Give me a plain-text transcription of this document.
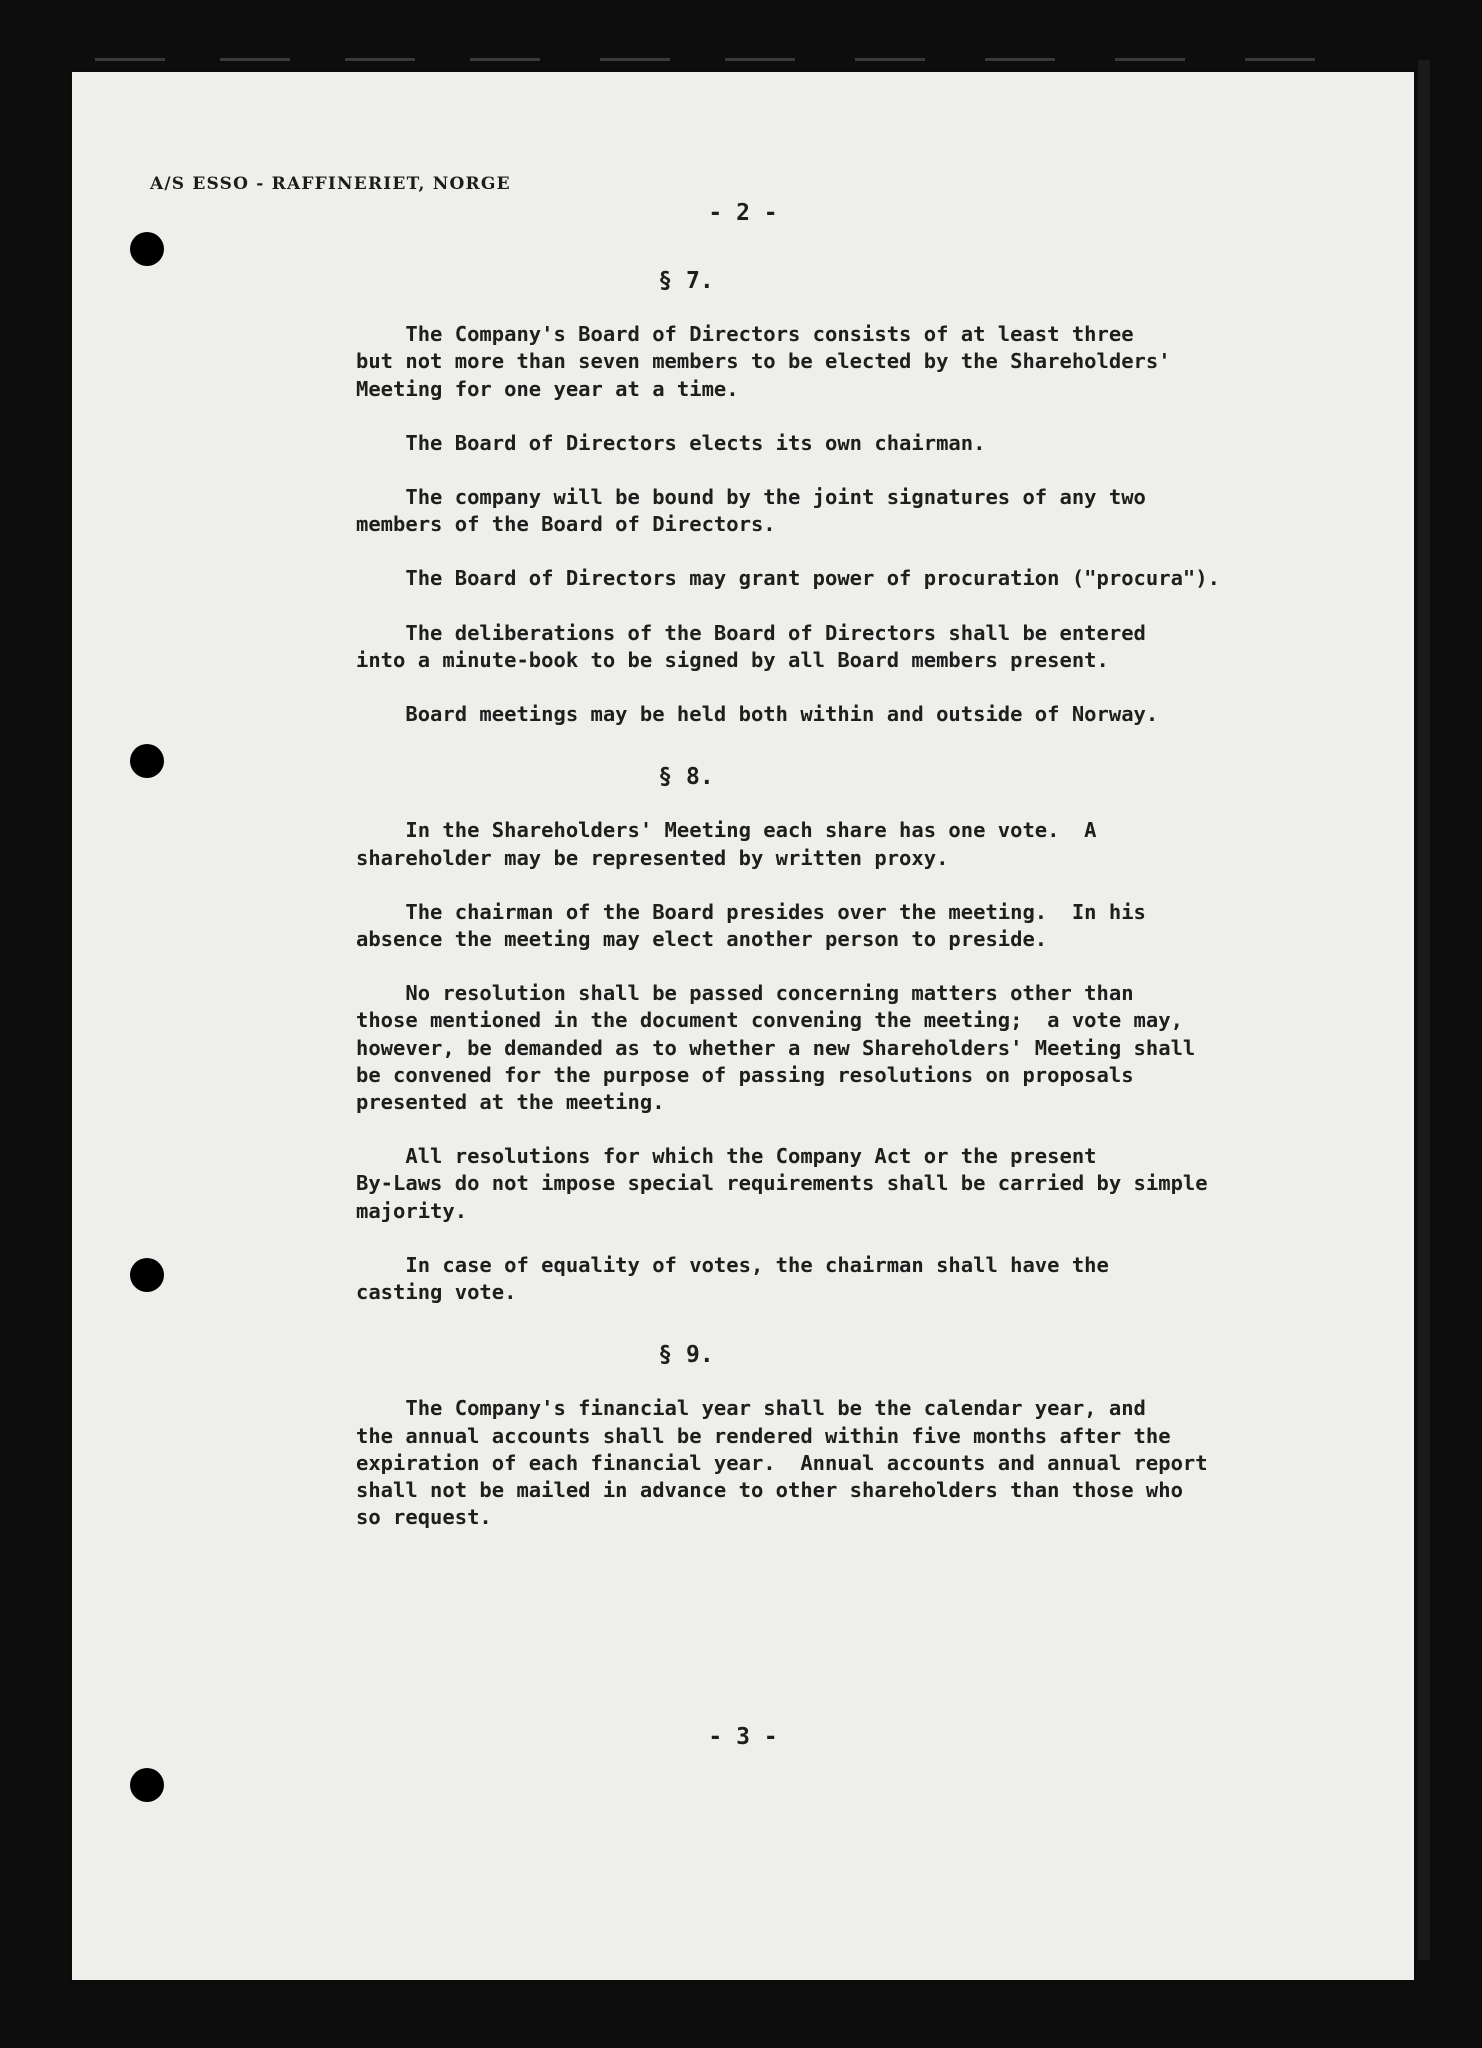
A/S ESSO - RAFFINERIET, NORGE
- 2 -
§ 7.
The Company's Board of Directors consists of at least three
but not more than seven members to be elected by the Shareholders'
Meeting for one year at a time.
The Board of Directors elects its own chairman.
The company will be bound by the joint signatures of any two
members of the Board of Directors.
The Board of Directors may grant power of procuration ("procura").
The deliberations of the Board of Directors shall be entered
into a minute-book to be signed by all Board members present.
Board meetings may be held both within and outside of Norway.
§ 8.
In the Shareholders' Meeting each share has one vote.  A
shareholder may be represented by written proxy.
The chairman of the Board presides over the meeting.  In his
absence the meeting may elect another person to preside.
No resolution shall be passed concerning matters other than
those mentioned in the document convening the meeting;  a vote may,
however, be demanded as to whether a new Shareholders' Meeting shall
be convened for the purpose of passing resolutions on proposals
presented at the meeting.
All resolutions for which the Company Act or the present
By-Laws do not impose special requirements shall be carried by simple
majority.
In case of equality of votes, the chairman shall have the
casting vote.
§ 9.
The Company's financial year shall be the calendar year, and
the annual accounts shall be rendered within five months after the
expiration of each financial year.  Annual accounts and annual report
shall not be mailed in advance to other shareholders than those who
so request.
- 3 -
